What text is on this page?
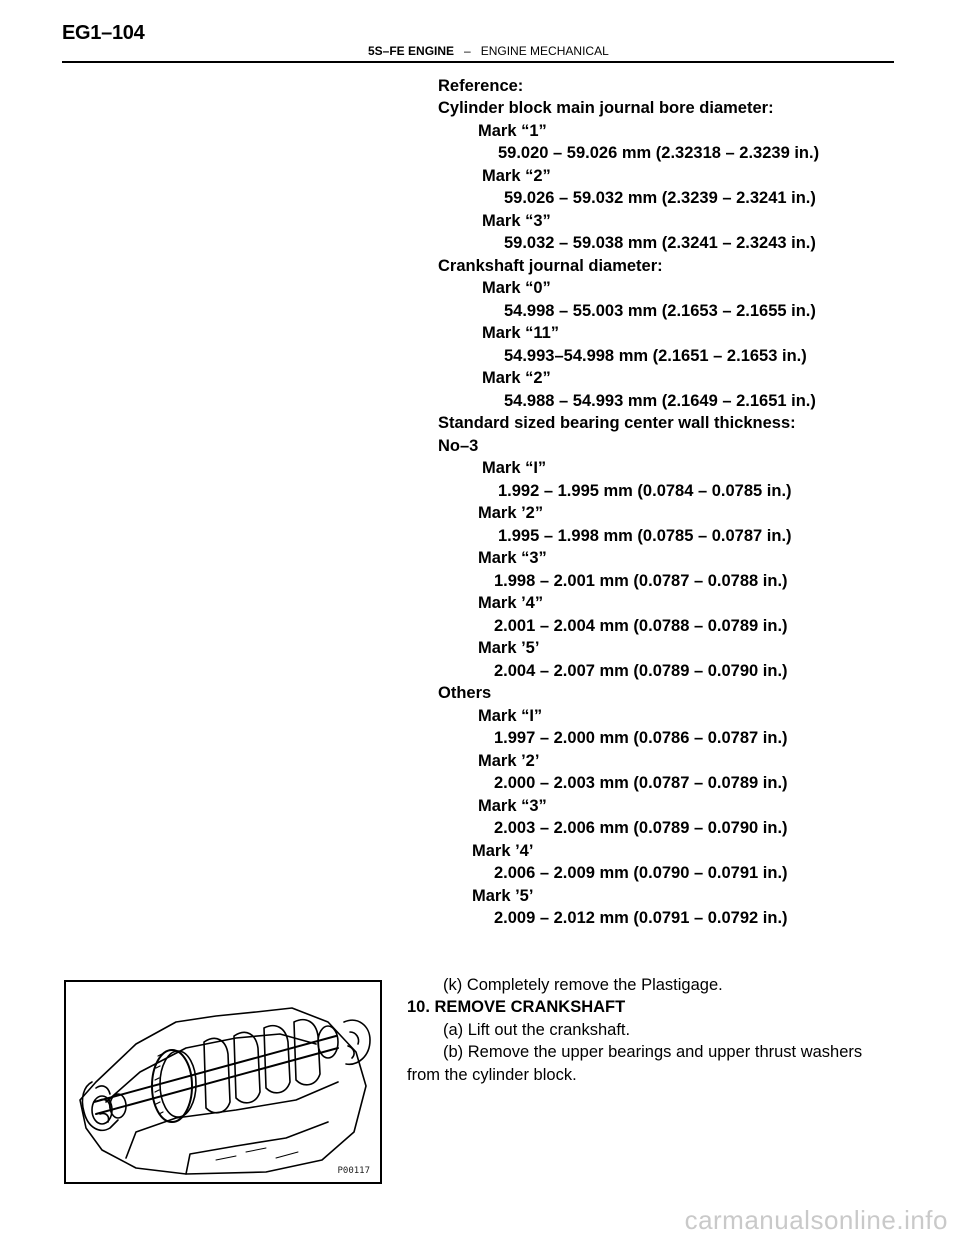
EG1–104
5S–FE ENGINE – ENGINE MECHANICAL
Reference:
Cylinder block main journal bore diameter:
Mark “1”
59.020 – 59.026 mm (2.32318 – 2.3239 in.)
Mark “2”
59.026 – 59.032 mm (2.3239 – 2.3241 in.)
Mark “3”
59.032 – 59.038 mm (2.3241 – 2.3243 in.)
Crankshaft journal diameter:
Mark “0”
54.998 – 55.003 mm (2.1653 – 2.1655 in.)
Mark “11”
54.993–54.998 mm (2.1651 – 2.1653 in.)
Mark “2”
54.988 – 54.993 mm (2.1649 – 2.1651 in.)
Standard sized bearing center wall thickness:
No–3
Mark “I”
1.992 – 1.995 mm (0.0784 – 0.0785 in.)
Mark ’2”
1.995 – 1.998 mm (0.0785 – 0.0787 in.)
Mark “3”
1.998 – 2.001 mm (0.0787 – 0.0788 in.)
Mark ’4”
2.001 – 2.004 mm (0.0788 – 0.0789 in.)
Mark ’5’
2.004 – 2.007 mm (0.0789 – 0.0790 in.)
Others
Mark “I”
1.997 – 2.000 mm (0.0786 – 0.0787 in.)
Mark ’2’
2.000 – 2.003 mm (0.0787 – 0.0789 in.)
Mark “3”
2.003 – 2.006 mm (0.0789 – 0.0790 in.)
Mark ’4’
2.006 – 2.009 mm (0.0790 – 0.0791 in.)
Mark ’5’
2.009 – 2.012 mm (0.0791 – 0.0792 in.)
(k) Completely remove the Plastigage.
10. REMOVE CRANKSHAFT
(a) Lift out the crankshaft.
(b) Remove the upper bearings and upper thrust washers
from the cylinder block.
P00117
carmanualsonline.info
